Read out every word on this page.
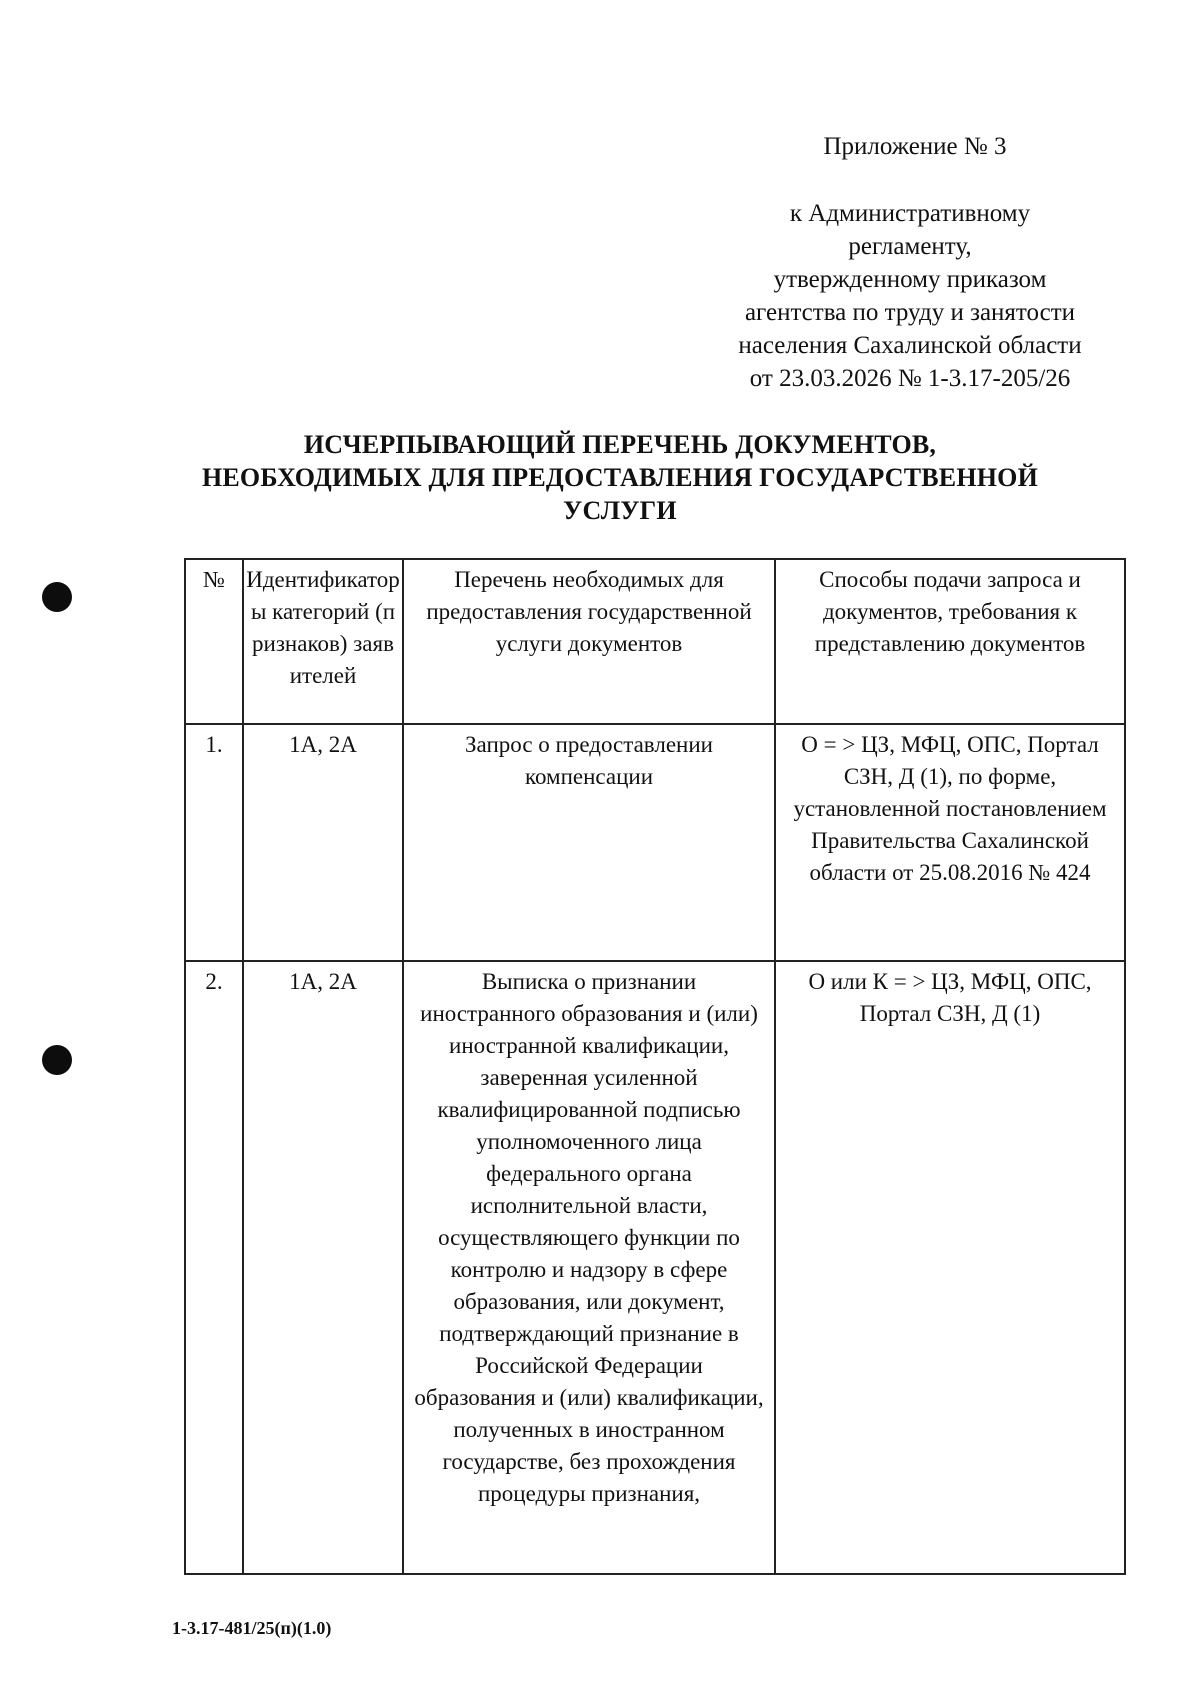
Приложение № 3
к Административному
регламенту,
утвержденному приказом
агентства по труду и занятости
населения Сахалинской области
от 23.03.2026 № 1-3.17-205/26
ИСЧЕРПЫВАЮЩИЙ ПЕРЕЧЕНЬ ДОКУМЕНТОВ,
НЕОБХОДИМЫХ ДЛЯ ПРЕДОСТАВЛЕНИЯ ГОСУДАРСТВЕННОЙ
УСЛУГИ
№	Идентификаторы категорий (признаков) заявителей	Перечень необходимых для предоставления государственной услуги документов	Способы подачи запроса и документов, требования к представлению документов
1.	1А, 2А	Запрос о предоставлении компенсации	О = > ЦЗ, МФЦ, ОПС, Портал СЗН, Д (1), по форме, установленной постановлением Правительства Сахалинской области от 25.08.2016 № 424
2.	1А, 2А	Выписка о признании иностранного образования и (или) иностранной квалификации, заверенная усиленной квалифицированной подписью уполномоченного лица федерального органа исполнительной власти, осуществляющего функции по контролю и надзору в сфере образования, или документ, подтверждающий признание в Российской Федерации образования и (или) квалификации, полученных в иностранном государстве, без прохождения процедуры признания,	О или К = > ЦЗ, МФЦ, ОПС, Портал СЗН, Д (1)
1-3.17-481/25(п)(1.0)
